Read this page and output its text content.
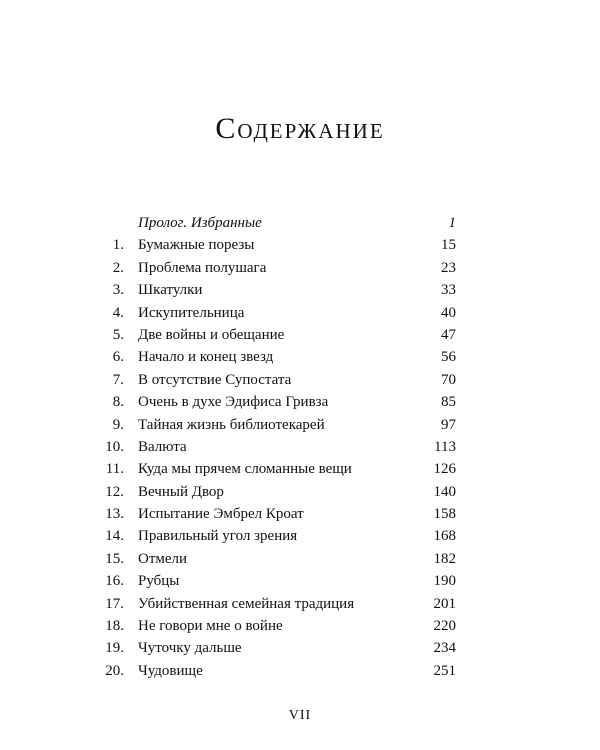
Содержание
Пролог. Избранные	1
1. Бумажные порезы	15
2. Проблема полушага	23
3. Шкатулки	33
4. Искупительница	40
5. Две войны и обещание	47
6. Начало и конец звезд	56
7. В отсутствие Супостата	70
8. Очень в духе Эдифиса Гривза	85
9. Тайная жизнь библиотекарей	97
10. Валюта	113
11. Куда мы прячем сломанные вещи	126
12. Вечный Двор	140
13. Испытание Эмбрел Кроат	158
14. Правильный угол зрения	168
15. Отмели	182
16. Рубцы	190
17. Убийственная семейная традиция	201
18. Не говори мне о войне	220
19. Чуточку дальше	234
20. Чудовище	251
VII
